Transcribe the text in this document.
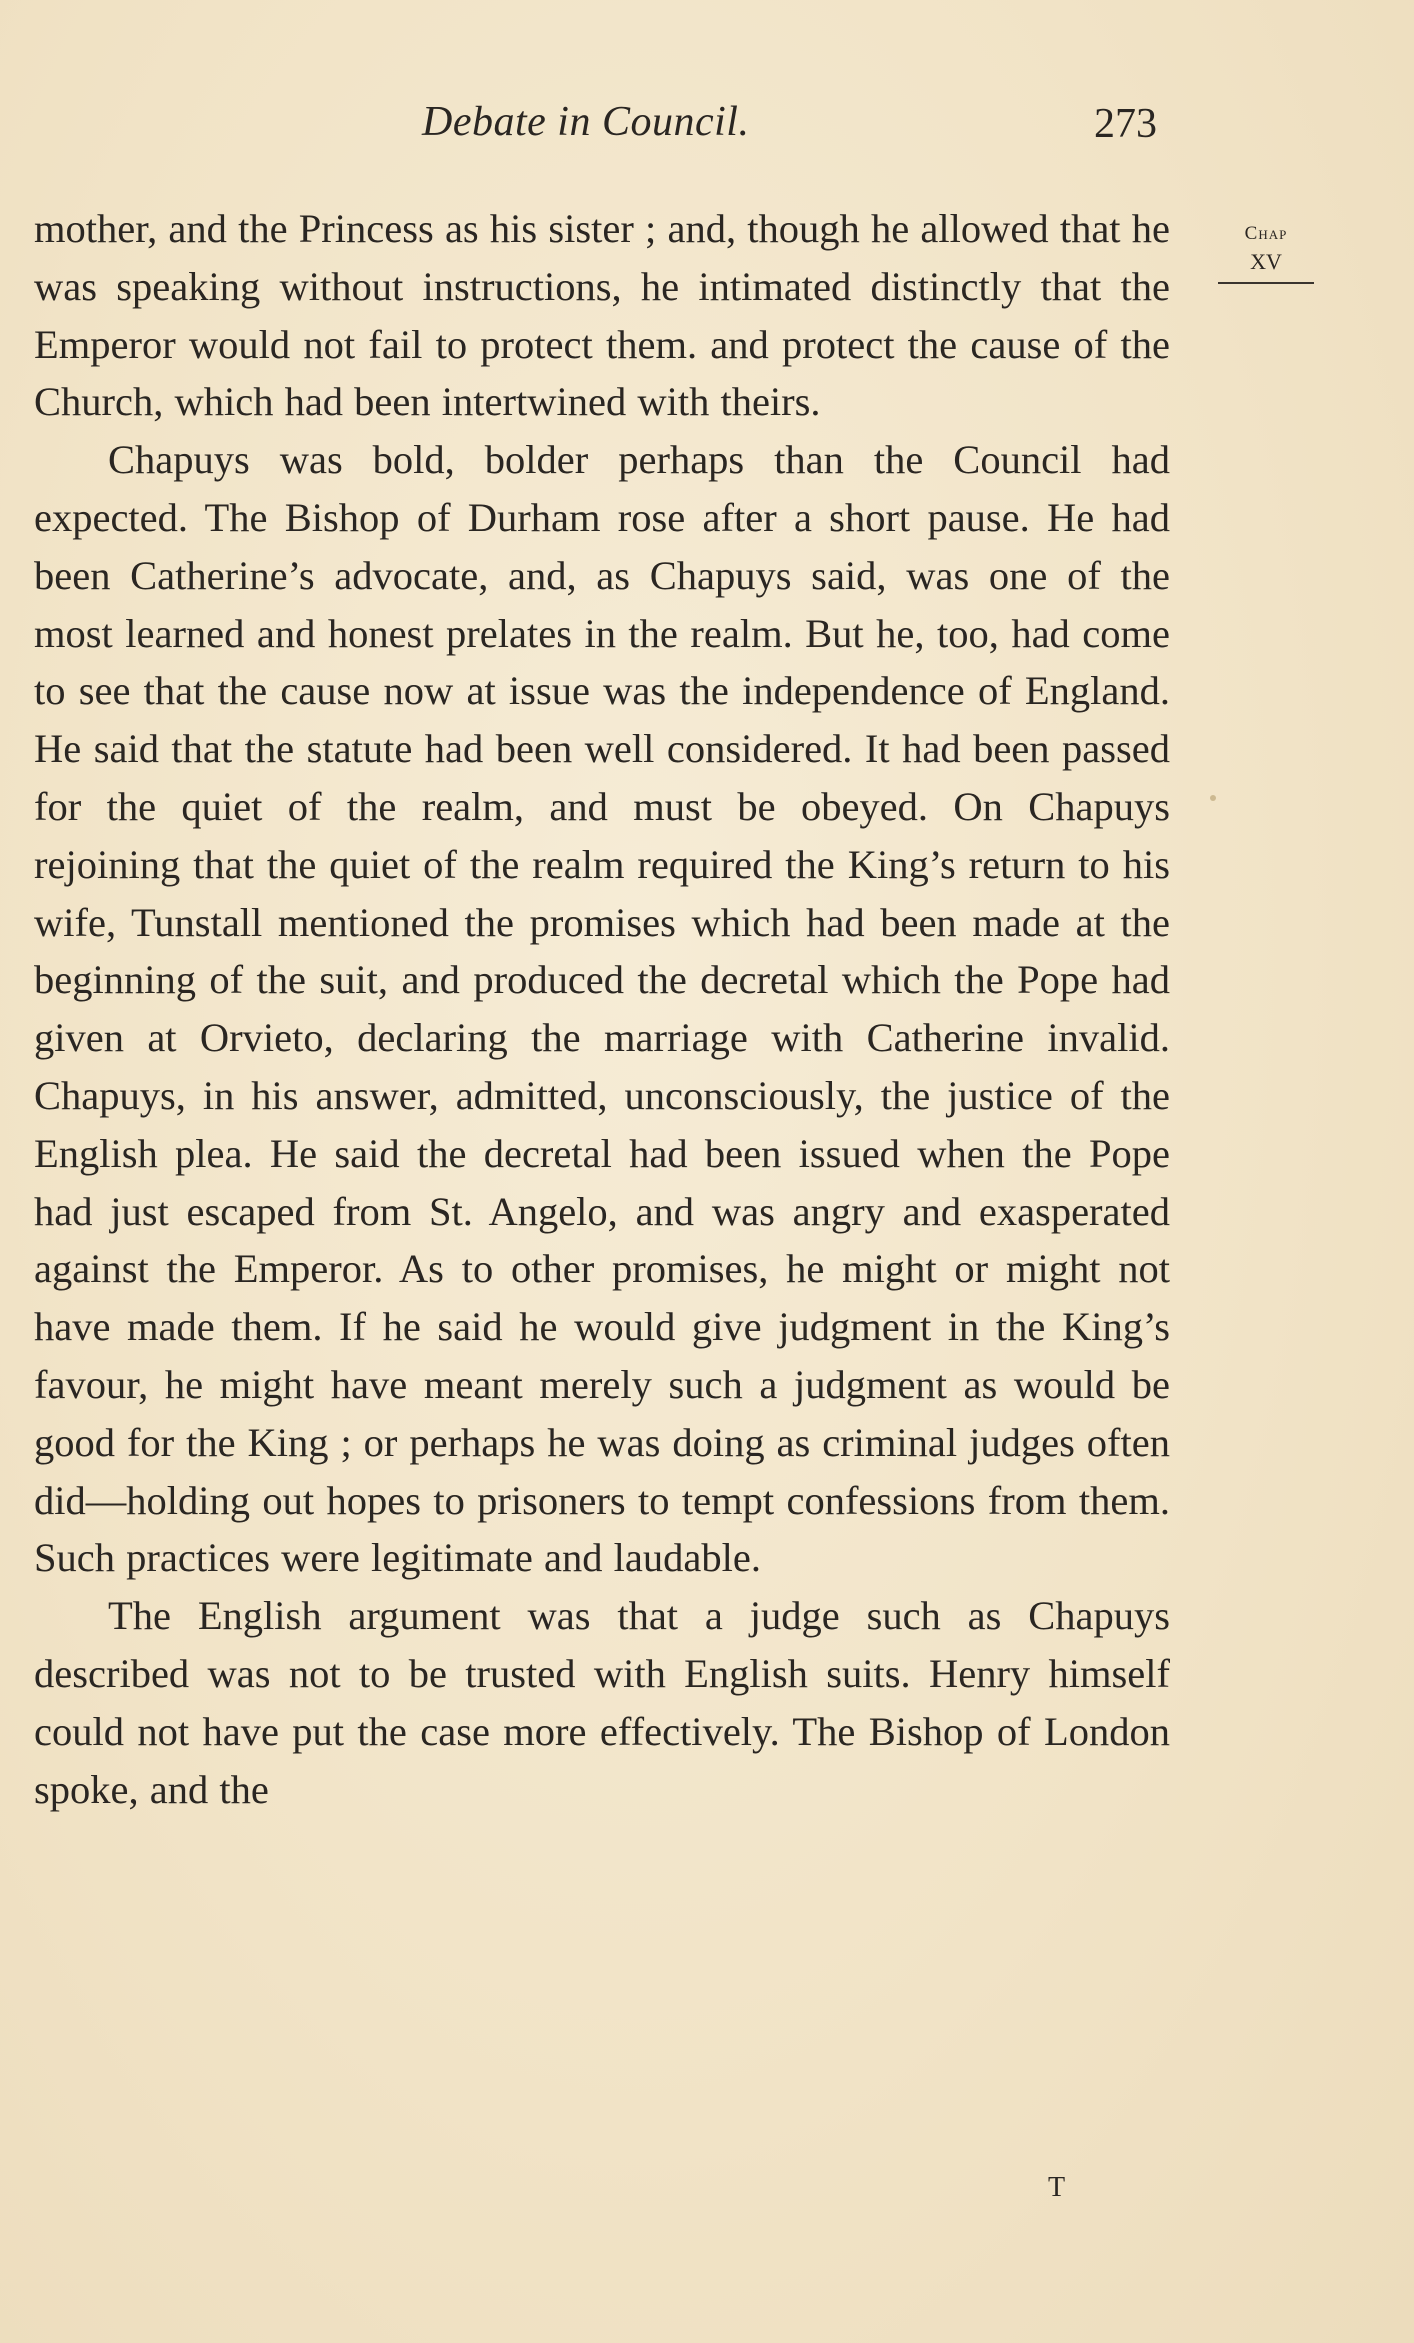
Debate in Council.	273
Chap
XV

mother, and the Princess as his sister ; and, though he allowed that he was speaking without instructions, he intimated distinctly that the Emperor would not fail to protect them. and protect the cause of the Church, which had been intertwined with theirs.

Chapuys was bold, bolder perhaps than the Council had expected. The Bishop of Durham rose after a short pause. He had been Catherine’s advocate, and, as Chapuys said, was one of the most learned and honest prelates in the realm. But he, too, had come to see that the cause now at issue was the independence of England. He said that the statute had been well considered. It had been passed for the quiet of the realm, and must be obeyed. On Chapuys rejoining that the quiet of the realm required the King’s return to his wife, Tunstall mentioned the promises which had been made at the beginning of the suit, and produced the decretal which the Pope had given at Orvieto, declaring the marriage with Catherine invalid. Chapuys, in his answer, admitted, unconsciously, the justice of the English plea. He said the decretal had been issued when the Pope had just escaped from St. Angelo, and was angry and exasperated against the Emperor. As to other promises, he might or might not have made them. If he said he would give judgment in the King’s favour, he might have meant merely such a judgment as would be good for the King ; or perhaps he was doing as criminal judges often did—holding out hopes to prisoners to tempt confessions from them. Such practices were legitimate and laudable.

The English argument was that a judge such as Chapuys described was not to be trusted with English suits. Henry himself could not have put the case more effectively. The Bishop of London spoke, and the

T
